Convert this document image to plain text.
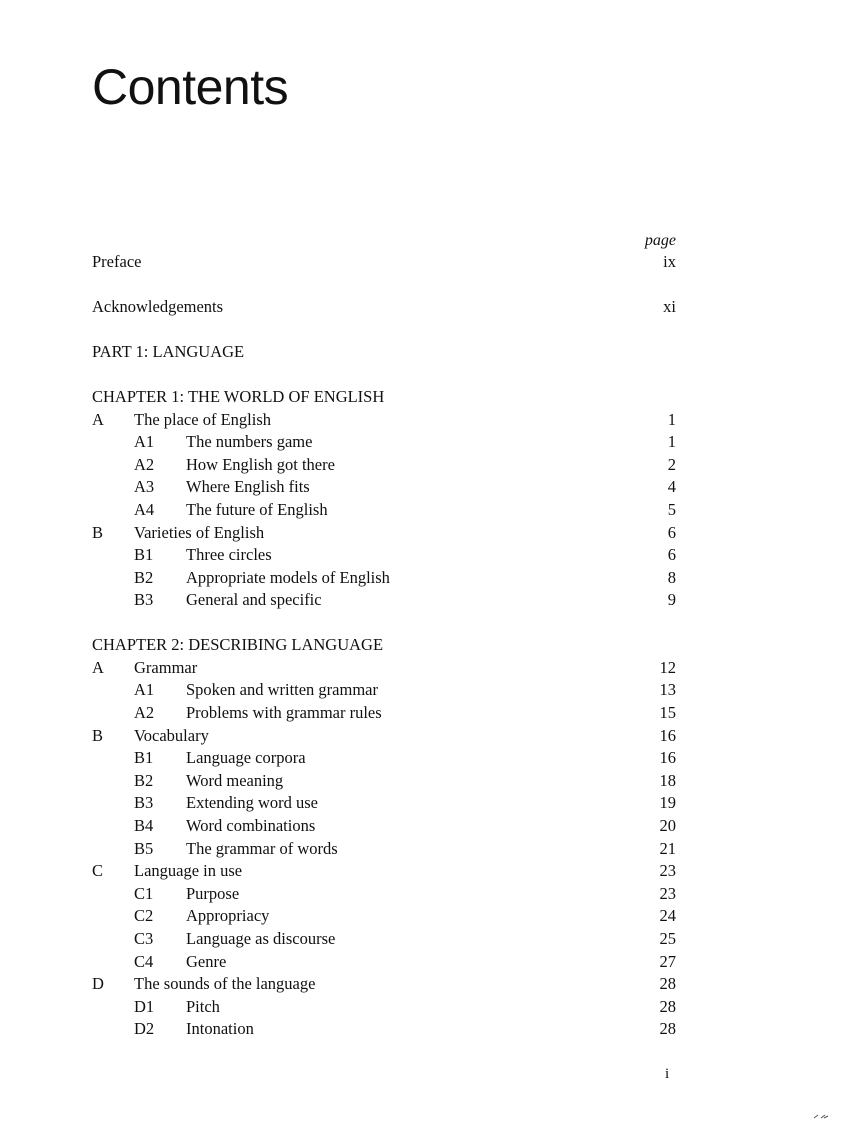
Contents
page
Preface	ix
Acknowledgements	xi
PART 1: LANGUAGE
CHAPTER 1: THE WORLD OF ENGLISH
A The place of English	1
A1 The numbers game	1
A2 How English got there	2
A3 Where English fits	4
A4 The future of English	5
B Varieties of English	6
B1 Three circles	6
B2 Appropriate models of English	8
B3 General and specific	9
CHAPTER 2: DESCRIBING LANGUAGE
A Grammar	12
A1 Spoken and written grammar	13
A2 Problems with grammar rules	15
B Vocabulary	16
B1 Language corpora	16
B2 Word meaning	18
B3 Extending word use	19
B4 Word combinations	20
B5 The grammar of words	21
C Language in use	23
C1 Purpose	23
C2 Appropriacy	24
C3 Language as discourse	25
C4 Genre	27
D The sounds of the language	28
D1 Pitch	28
D2 Intonation	28
i
